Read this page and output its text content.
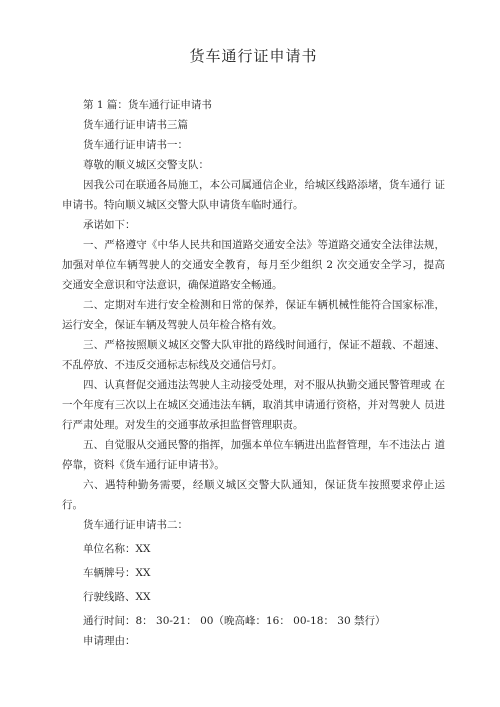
货车通行证申请书

第 1 篇：货车通行证申请书

货车通行证申请书三篇

货车通行证申请书一：

尊敬的顺义城区交警支队：

因我公司在联通各局施工，本公司属通信企业，给城区线路添堵，货车通行 证申请书。特向顺义城区交警大队申请货车临时通行。

承诺如下：

一、严格遵守《中华人民共和国道路交通安全法》等道路交通安全法律法规，加强对单位车辆驾驶人的交通安全教育，每月至少组织 2 次交通安全学习，提高 交通安全意识和守法意识，确保道路安全畅通。

二、定期对车进行安全检测和日常的保养，保证车辆机械性能符合国家标准，运行安全，保证车辆及驾驶人员年检合格有效。

三、严格按照顺义城区交警大队审批的路线时间通行，保证不超载、不超速、不乱停放、不违反交通标志标线及交通信号灯。

四、认真督促交通违法驾驶人主动接受处理，对不服从执勤交通民警管理或 在一个年度有三次以上在城区交通违法车辆，取消其申请通行资格，并对驾驶人 员进行严肃处理。对发生的交通事故承担监督管理职责。

五、自觉服从交通民警的指挥，加强本单位车辆进出监督管理，车不违法占 道停靠，资料《货车通行证申请书》。

六、遇特种勤务需要，经顺义城区交警大队通知，保证货车按照要求停止运 行。

货车通行证申请书二：

单位名称：XX

车辆牌号：XX

行驶线路、XX

通行时间：8： 30-21： 00（晚高峰：16： 00-18： 30 禁行）

申请理由：
